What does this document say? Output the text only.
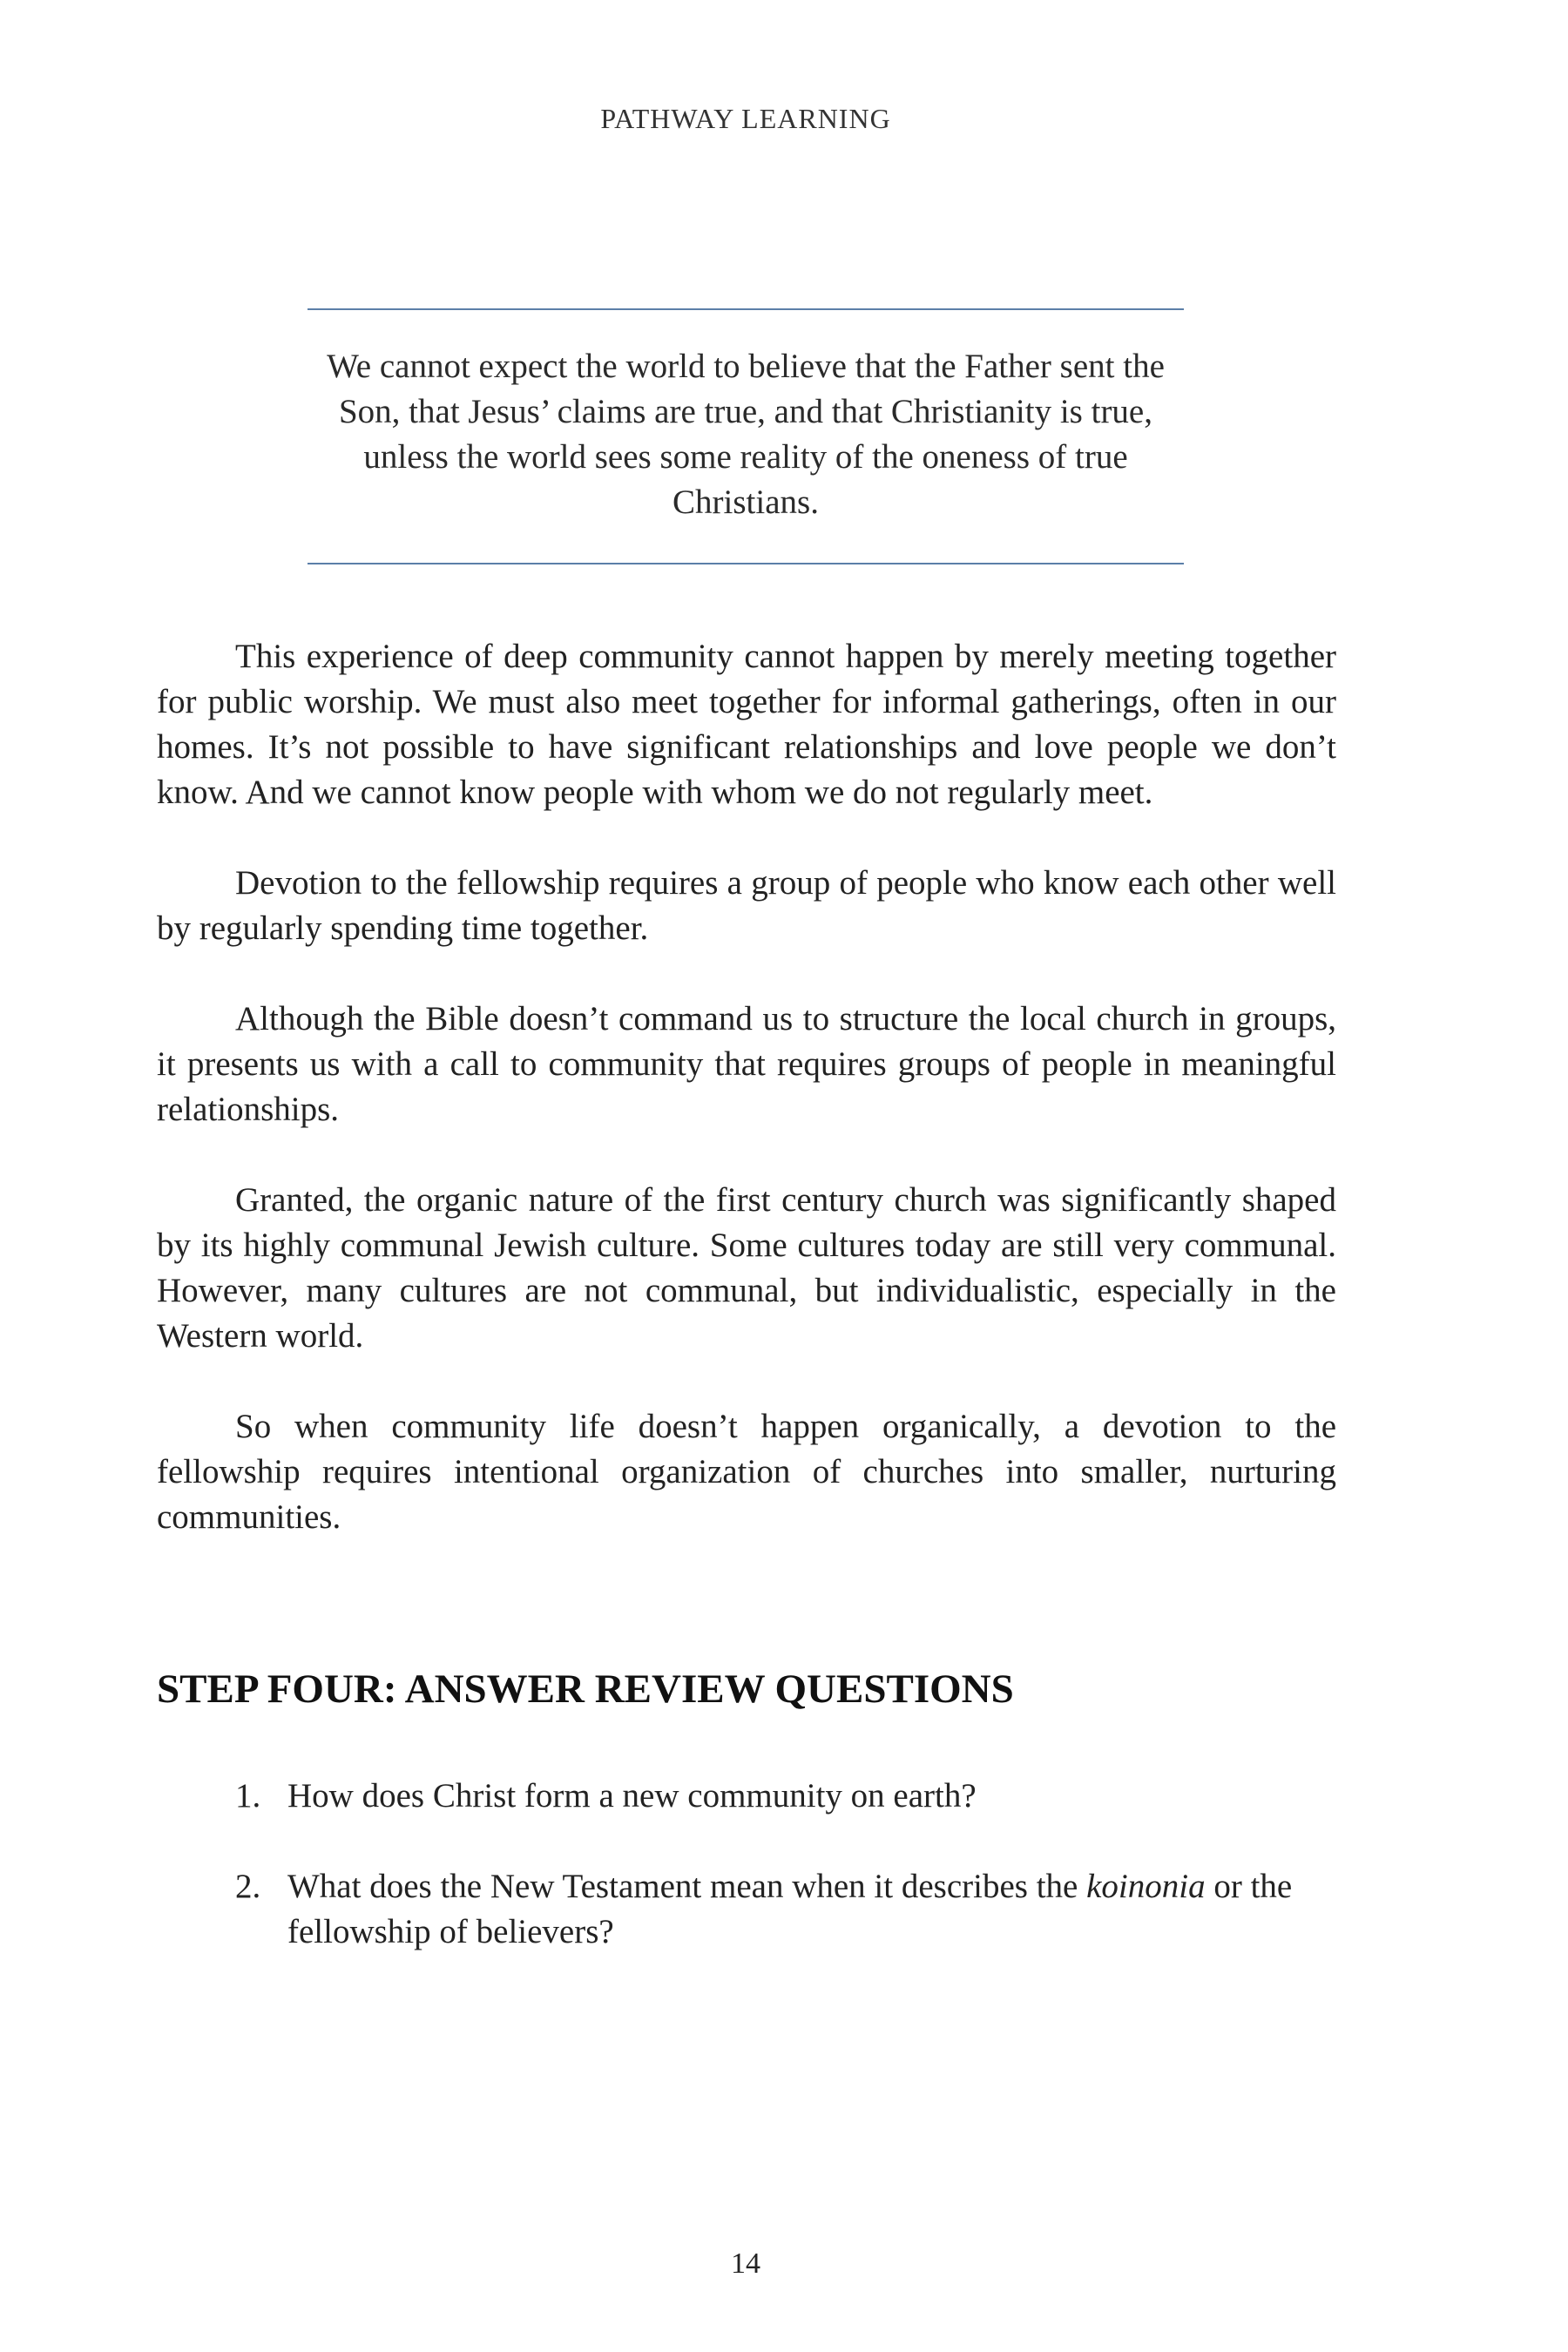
PATHWAY LEARNING
We cannot expect the world to believe that the Father sent the Son, that Jesus’ claims are true, and that Christianity is true, unless the world sees some reality of the oneness of true Christians.

This experience of deep community cannot happen by merely meeting together for public worship. We must also meet together for informal gatherings, often in our homes. It’s not possible to have significant relationships and love people we don’t know. And we cannot know people with whom we do not regularly meet.

Devotion to the fellowship requires a group of people who know each other well by regularly spending time together.

Although the Bible doesn’t command us to structure the local church in groups, it presents us with a call to community that requires groups of people in meaningful relationships.

Granted, the organic nature of the first century church was significantly shaped by its highly communal Jewish culture. Some cultures today are still very communal. However, many cultures are not communal, but individualistic, especially in the Western world.

So when community life doesn’t happen organically, a devotion to the fellowship requires intentional organization of churches into smaller, nurturing communities.

STEP FOUR: ANSWER REVIEW QUESTIONS
1. How does Christ form a new community on earth?
2. What does the New Testament mean when it describes the koinonia or the fellowship of believers?
14
